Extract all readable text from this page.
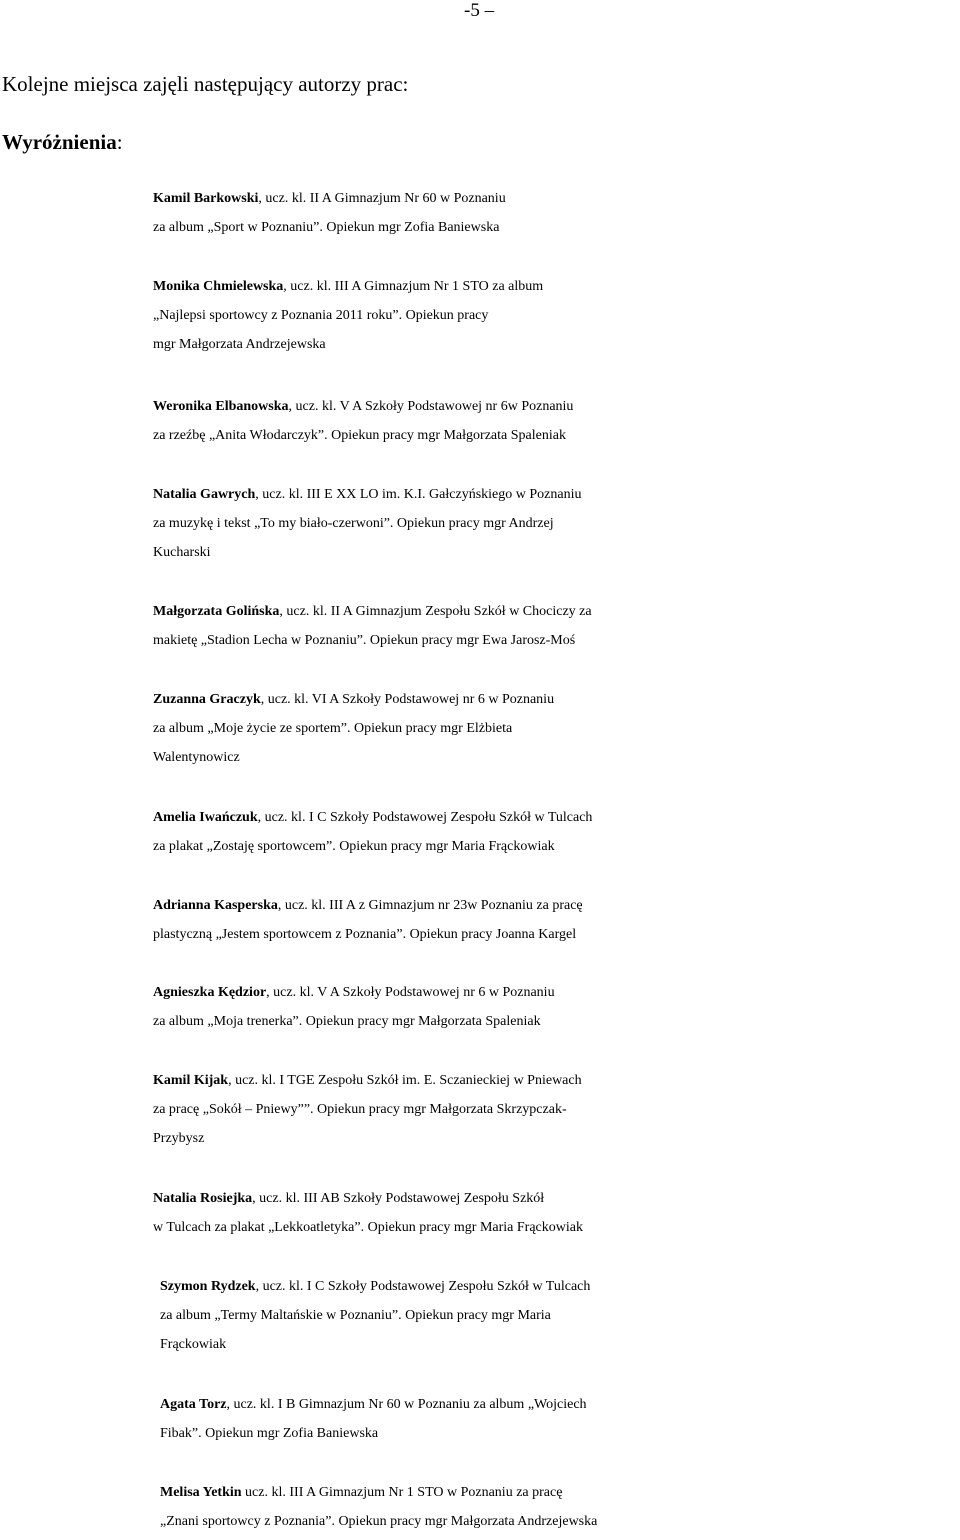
-5 –
Kolejne miejsca zajęli następujący autorzy prac:
Wyróżnienia:
Kamil Barkowski, ucz. kl. II A Gimnazjum Nr 60 w Poznaniu
za album „Sport w Poznaniu”. Opiekun mgr Zofia Baniewska
Monika Chmielewska, ucz. kl. III A Gimnazjum Nr 1 STO za album
„Najlepsi sportowcy z Poznania 2011 roku”. Opiekun pracy
mgr Małgorzata Andrzejewska
Weronika Elbanowska, ucz. kl. V A Szkoły Podstawowej nr 6w Poznaniu
za rzeźbę „Anita Włodarczyk”. Opiekun pracy mgr Małgorzata Spaleniak
Natalia Gawrych, ucz. kl. III E XX LO im. K.I. Gałczyńskiego w Poznaniu
za muzykę i tekst „To my biało-czerwoni”. Opiekun pracy mgr Andrzej
Kucharski
Małgorzata Golińska, ucz. kl. II A Gimnazjum Zespołu Szkół w Chociczy za
makietę „Stadion Lecha w Poznaniu”. Opiekun pracy mgr Ewa Jarosz-Moś
Zuzanna Graczyk, ucz. kl. VI A Szkoły Podstawowej nr 6 w Poznaniu
za album „Moje życie ze sportem”. Opiekun pracy mgr Elżbieta
Walentynowicz
Amelia Iwańczuk, ucz. kl. I C Szkoły Podstawowej Zespołu Szkół w Tulcach
za plakat „Zostaję sportowcem”. Opiekun pracy mgr Maria Frąckowiak
Adrianna Kasperska, ucz. kl. III A z Gimnazjum nr 23w Poznaniu za pracę
plastyczną „Jestem sportowcem z Poznania”. Opiekun pracy Joanna Kargel
Agnieszka Kędzior, ucz. kl. V A Szkoły Podstawowej nr 6 w Poznaniu
za album „Moja trenerka”. Opiekun pracy mgr Małgorzata Spaleniak
Kamil Kijak, ucz. kl. I TGE Zespołu Szkół im. E. Sczanieckiej w Pniewach
za pracę „Sokół – Pniewy””. Opiekun pracy mgr Małgorzata Skrzypczak-
Przybysz
Natalia Rosiejka, ucz. kl. III AB Szkoły Podstawowej Zespołu Szkół
w Tulcach za plakat „Lekkoatletyka”. Opiekun pracy mgr Maria Frąckowiak
Szymon Rydzek, ucz. kl. I C Szkoły Podstawowej Zespołu Szkół w Tulcach
za album „Termy Maltańskie w Poznaniu”. Opiekun pracy mgr Maria
Frąckowiak
Agata Torz, ucz. kl. I B Gimnazjum Nr 60 w Poznaniu za album „Wojciech
Fibak”. Opiekun mgr Zofia Baniewska
Melisa Yetkin ucz. kl. III A Gimnazjum Nr 1 STO w Poznaniu za pracę
„Znani sportowcy z Poznania”. Opiekun pracy mgr Małgorzata Andrzejewska
